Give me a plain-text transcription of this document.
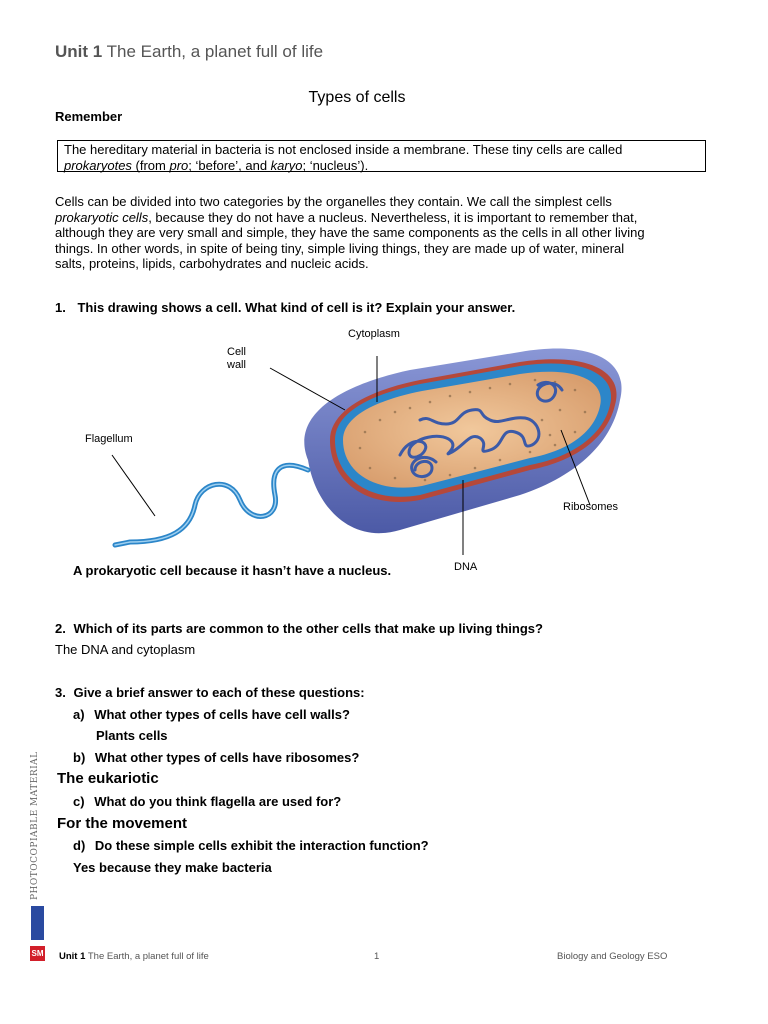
Unit 1 The Earth, a planet full of life
Types of cells
Remember
The hereditary material in bacteria is not enclosed inside a membrane. These tiny cells are called
prokaryotes (from pro; ‘before’, and karyo; ‘nucleus’).
Cells can be divided into two categories by the organelles they contain. We call the simplest cells
prokaryotic cells, because they do not have a nucleus. Nevertheless, it is important to remember that,
although they are very small and simple, they have the same components as the cells in all other living
things. In other words, in spite of being tiny, simple living things, they are made up of water, mineral
salts, proteins, lipids, carbohydrates and nucleic acids.
1. This drawing shows a cell. What kind of cell is it? Explain your answer.
Cytoplasm
Cell
wall
Flagellum
Ribosomes
DNA
A prokaryotic cell because it hasn’t have a nucleus.
2. Which of its parts are common to the other cells that make up living things?
The DNA and cytoplasm
3. Give a brief answer to each of these questions:
a) What other types of cells have cell walls?
Plants cells
b) What other types of cells have ribosomes?
The eukariotic
c) What do you think flagella are used for?
For the movement
d) Do these simple cells exhibit the interaction function?
Yes because they make bacteria
PHOTOCOPIABLE MATERIAL
SM Unit 1 The Earth, a planet full of life	1	Biology and Geology ESO
